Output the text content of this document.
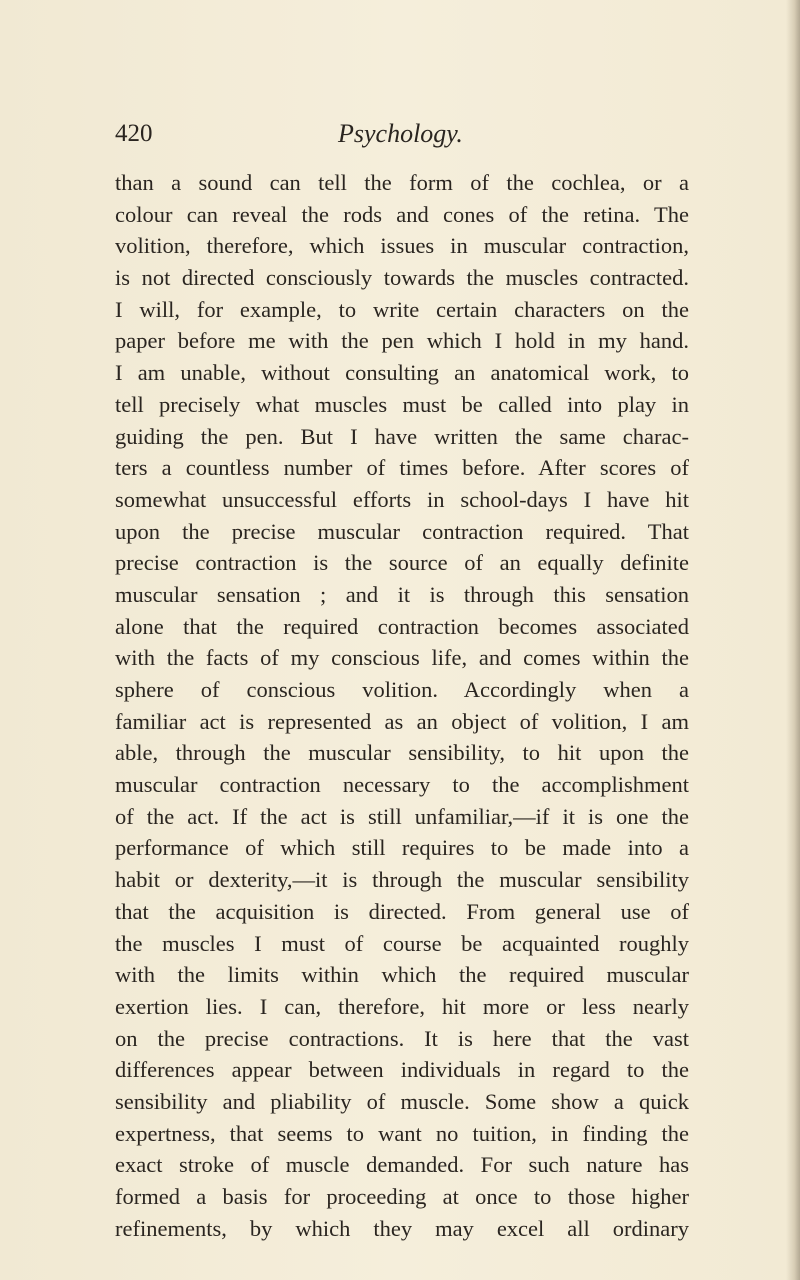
420	Psychology.
than a sound can tell the form of the cochlea, or a
colour can reveal the rods and cones of the retina. The
volition, therefore, which issues in muscular contraction,
is not directed consciously towards the muscles contracted.
I will, for example, to write certain characters on the
paper before me with the pen which I hold in my hand.
I am unable, without consulting an anatomical work, to
tell precisely what muscles must be called into play in
guiding the pen. But I have written the same charac-
ters a countless number of times before. After scores of
somewhat unsuccessful efforts in school-days I have hit
upon the precise muscular contraction required. That
precise contraction is the source of an equally definite
muscular sensation ; and it is through this sensation
alone that the required contraction becomes associated
with the facts of my conscious life, and comes within the
sphere of conscious volition. Accordingly when a
familiar act is represented as an object of volition, I am
able, through the muscular sensibility, to hit upon the
muscular contraction necessary to the accomplishment
of the act. If the act is still unfamiliar,—if it is one the
performance of which still requires to be made into a
habit or dexterity,—it is through the muscular sensibility
that the acquisition is directed. From general use of
the muscles I must of course be acquainted roughly
with the limits within which the required muscular
exertion lies. I can, therefore, hit more or less nearly
on the precise contractions. It is here that the vast
differences appear between individuals in regard to the
sensibility and pliability of muscle. Some show a quick
expertness, that seems to want no tuition, in finding the
exact stroke of muscle demanded. For such nature has
formed a basis for proceeding at once to those higher
refinements, by which they may excel all ordinary
